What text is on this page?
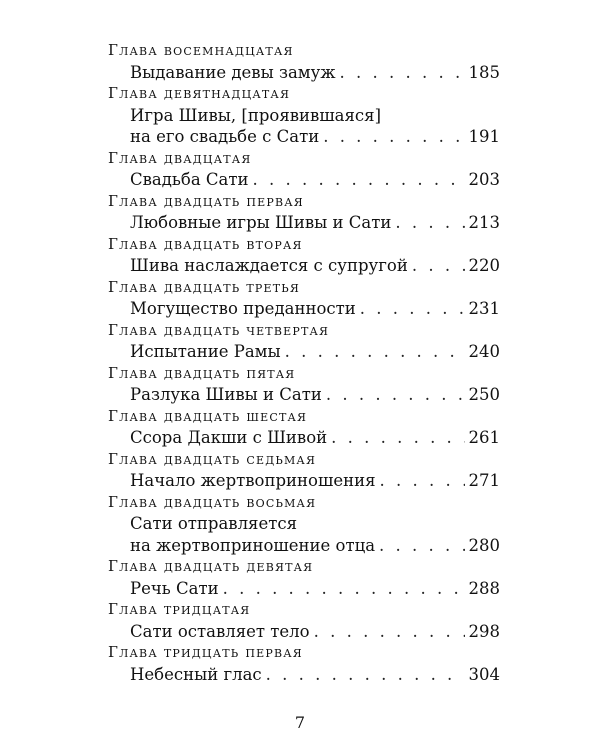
Глава восемнадцатая
Выдавание девы замуж . . .	185
Глава девятнадцатая
Игра Шивы, [проявившаяся]
на его свадьбе с Сати . . .	191
Глава двадцатая
Свадьба Сати . . .	203
Глава двадцать первая
Любовные игры Шивы и Сати . . .	213
Глава двадцать вторая
Шива наслаждается с супругой . . .	220
Глава двадцать третья
Могущество преданности . . .	231
Глава двадцать четвертая
Испытание Рамы . . .	240
Глава двадцать пятая
Разлука Шивы и Сати . . .	250
Глава двадцать шестая
Ссора Дакши с Шивой . . .	261
Глава двадцать седьмая
Начало жертвоприношения . . .	271
Глава двадцать восьмая
Сати отправляется
на жертвоприношение отца . . .	280
Глава двадцать девятая
Речь Сати . . .	288
Глава тридцатая
Сати оставляет тело . . .	298
Глава тридцать первая
Небесный глас . . .	304
7
